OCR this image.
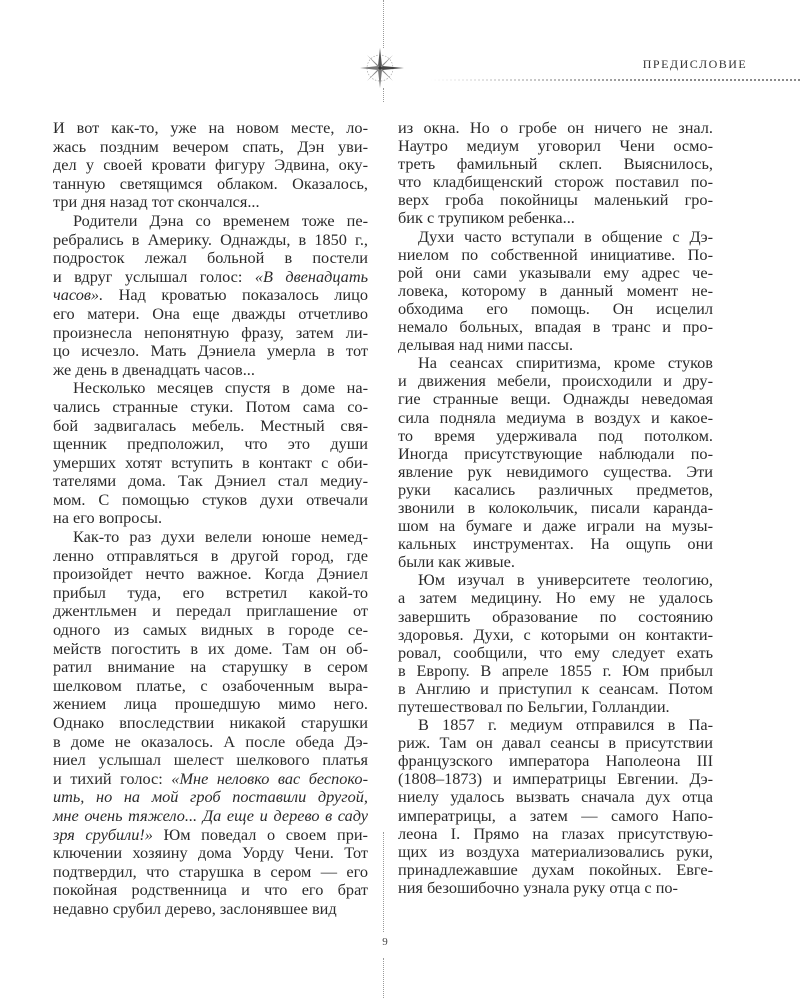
ПРЕДИСЛОВИЕ
И вот как-то, уже на новом месте, ло-
жась поздним вечером спать, Дэн уви-
дел у своей кровати фигуру Эдвина, оку-
танную светящимся облаком. Оказалось,
три дня назад тот скончался...
Родители Дэна со временем тоже пе-
ребрались в Америку. Однажды, в 1850 г.,
подросток лежал больной в постели
и вдруг услышал голос: «В двенадцать
часов». Над кроватью показалось лицо
его матери. Она еще дважды отчетливо
произнесла непонятную фразу, затем ли-
цо исчезло. Мать Дэниела умерла в тот
же день в двенадцать часов...
Несколько месяцев спустя в доме на-
чались странные стуки. Потом сама со-
бой задвигалась мебель. Местный свя-
щенник предположил, что это души
умерших хотят вступить в контакт с оби-
тателями дома. Так Дэниел стал медиу-
мом. С помощью стуков духи отвечали
на его вопросы.
Как-то раз духи велели юноше немед-
ленно отправляться в другой город, где
произойдет нечто важное. Когда Дэниел
прибыл туда, его встретил какой-то
джентльмен и передал приглашение от
одного из самых видных в городе се-
мейств погостить в их доме. Там он об-
ратил внимание на старушку в сером
шелковом платье, с озабоченным выра-
жением лица прошедшую мимо него.
Однако впоследствии никакой старушки
в доме не оказалось. А после обеда Дэ-
ниел услышал шелест шелкового платья
и тихий голос: «Мне неловко вас беспоко-
ить, но на мой гроб поставили другой,
мне очень тяжело... Да еще и дерево в саду
зря срубили!» Юм поведал о своем при-
ключении хозяину дома Уорду Чени. Тот
подтвердил, что старушка в сером — его
покойная родственница и что его брат
недавно срубил дерево, заслонявшее вид
из окна. Но о гробе он ничего не знал.
Наутро медиум уговорил Чени осмо-
треть фамильный склеп. Выяснилось,
что кладбищенский сторож поставил по-
верх гроба покойницы маленький гро-
бик с трупиком ребенка...
Духи часто вступали в общение с Дэ-
ниелом по собственной инициативе. По-
рой они сами указывали ему адрес че-
ловека, которому в данный момент не-
обходима его помощь. Он исцелил
немало больных, впадая в транс и про-
делывая над ними пассы.
На сеансах спиритизма, кроме стуков
и движения мебели, происходили и дру-
гие странные вещи. Однажды неведомая
сила подняла медиума в воздух и какое-
то время удерживала под потолком.
Иногда присутствующие наблюдали по-
явление рук невидимого существа. Эти
руки касались различных предметов,
звонили в колокольчик, писали каранда-
шом на бумаге и даже играли на музы-
кальных инструментах. На ощупь они
были как живые.
Юм изучал в университете теологию,
а затем медицину. Но ему не удалось
завершить образование по состоянию
здоровья. Духи, с которыми он контакти-
ровал, сообщили, что ему следует ехать
в Европу. В апреле 1855 г. Юм прибыл
в Англию и приступил к сеансам. Потом
путешествовал по Бельгии, Голландии.
В 1857 г. медиум отправился в Па-
риж. Там он давал сеансы в присутствии
французского императора Наполеона III
(1808–1873) и императрицы Евгении. Дэ-
ниелу удалось вызвать сначала дух отца
императрицы, а затем — самого Напо-
леона I. Прямо на глазах присутствую-
щих из воздуха материализовались руки,
принадлежавшие духам покойных. Евге-
ния безошибочно узнала руку отца с по-
9
